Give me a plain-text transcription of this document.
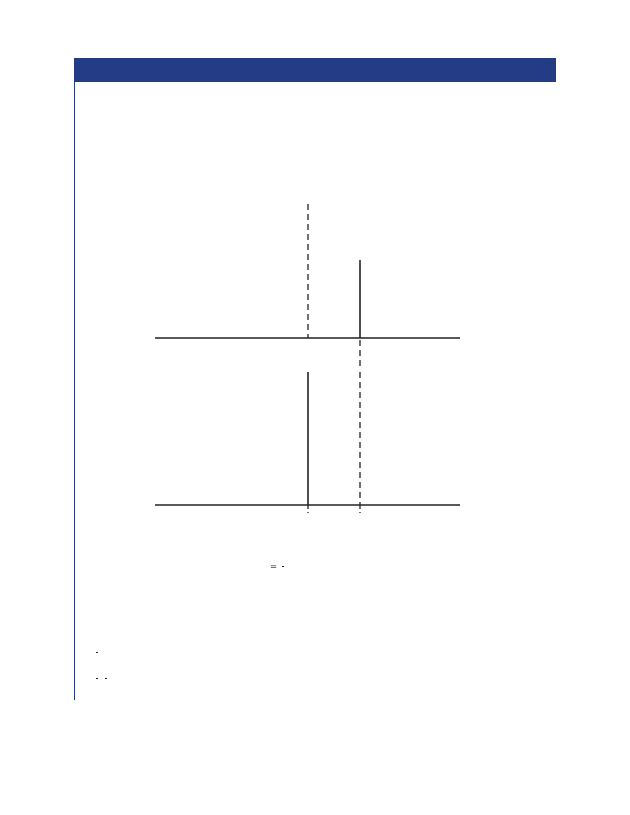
=
